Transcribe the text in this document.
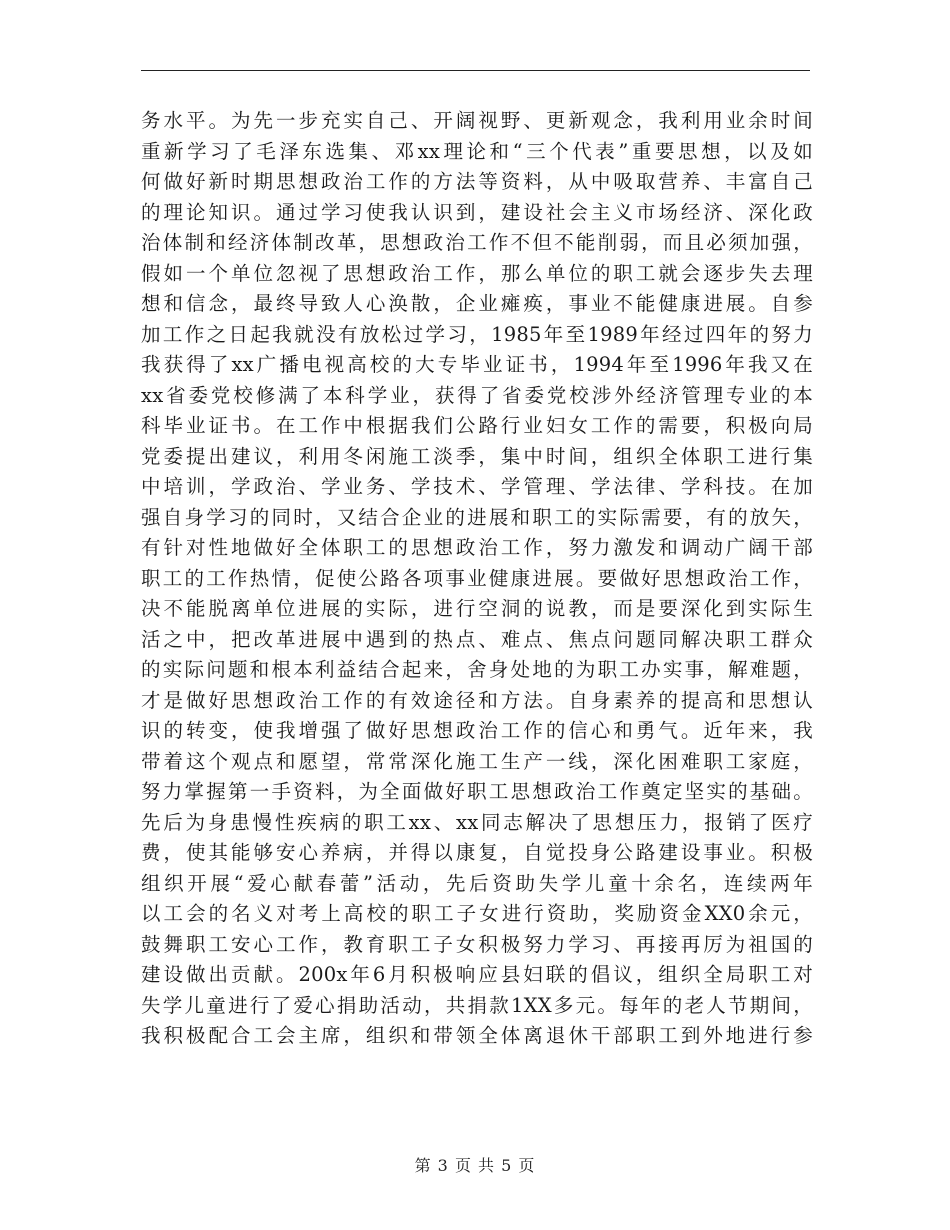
务水平。为先一步充实自己、开阔视野、更新观念，我利用业余时间
重新学习了毛泽东选集、邓xx理论和“三个代表”重要思想，以及如
何做好新时期思想政治工作的方法等资料，从中吸取营养、丰富自己
的理论知识。通过学习使我认识到，建设社会主义市场经济、深化政
治体制和经济体制改革，思想政治工作不但不能削弱，而且必须加强，
假如一个单位忽视了思想政治工作，那么单位的职工就会逐步失去理
想和信念，最终导致人心涣散，企业瘫痪，事业不能健康进展。自参
加工作之日起我就没有放松过学习，1985年至1989年经过四年的努力
我获得了xx广播电视高校的大专毕业证书，1994年至1996年我又在
xx省委党校修满了本科学业，获得了省委党校涉外经济管理专业的本
科毕业证书。在工作中根据我们公路行业妇女工作的需要，积极向局
党委提出建议，利用冬闲施工淡季，集中时间，组织全体职工进行集
中培训，学政治、学业务、学技术、学管理、学法律、学科技。在加
强自身学习的同时，又结合企业的进展和职工的实际需要，有的放矢，
有针对性地做好全体职工的思想政治工作，努力激发和调动广阔干部
职工的工作热情，促使公路各项事业健康进展。要做好思想政治工作，
决不能脱离单位进展的实际，进行空洞的说教，而是要深化到实际生
活之中，把改革进展中遇到的热点、难点、焦点问题同解决职工群众
的实际问题和根本利益结合起来，舍身处地的为职工办实事，解难题，
才是做好思想政治工作的有效途径和方法。自身素养的提高和思想认
识的转变，使我增强了做好思想政治工作的信心和勇气。近年来，我
带着这个观点和愿望，常常深化施工生产一线，深化困难职工家庭，
努力掌握第一手资料，为全面做好职工思想政治工作奠定坚实的基础。
先后为身患慢性疾病的职工xx、xx同志解决了思想压力，报销了医疗
费，使其能够安心养病，并得以康复，自觉投身公路建设事业。积极
组织开展“爱心献春蕾”活动，先后资助失学儿童十余名，连续两年
以工会的名义对考上高校的职工子女进行资助，奖励资金XX0余元，
鼓舞职工安心工作，教育职工子女积极努力学习、再接再厉为祖国的
建设做出贡献。200x年6月积极响应县妇联的倡议，组织全局职工对
失学儿童进行了爱心捐助活动，共捐款1XX多元。每年的老人节期间，
我积极配合工会主席，组织和带领全体离退休干部职工到外地进行参
第 3 页 共 5 页
